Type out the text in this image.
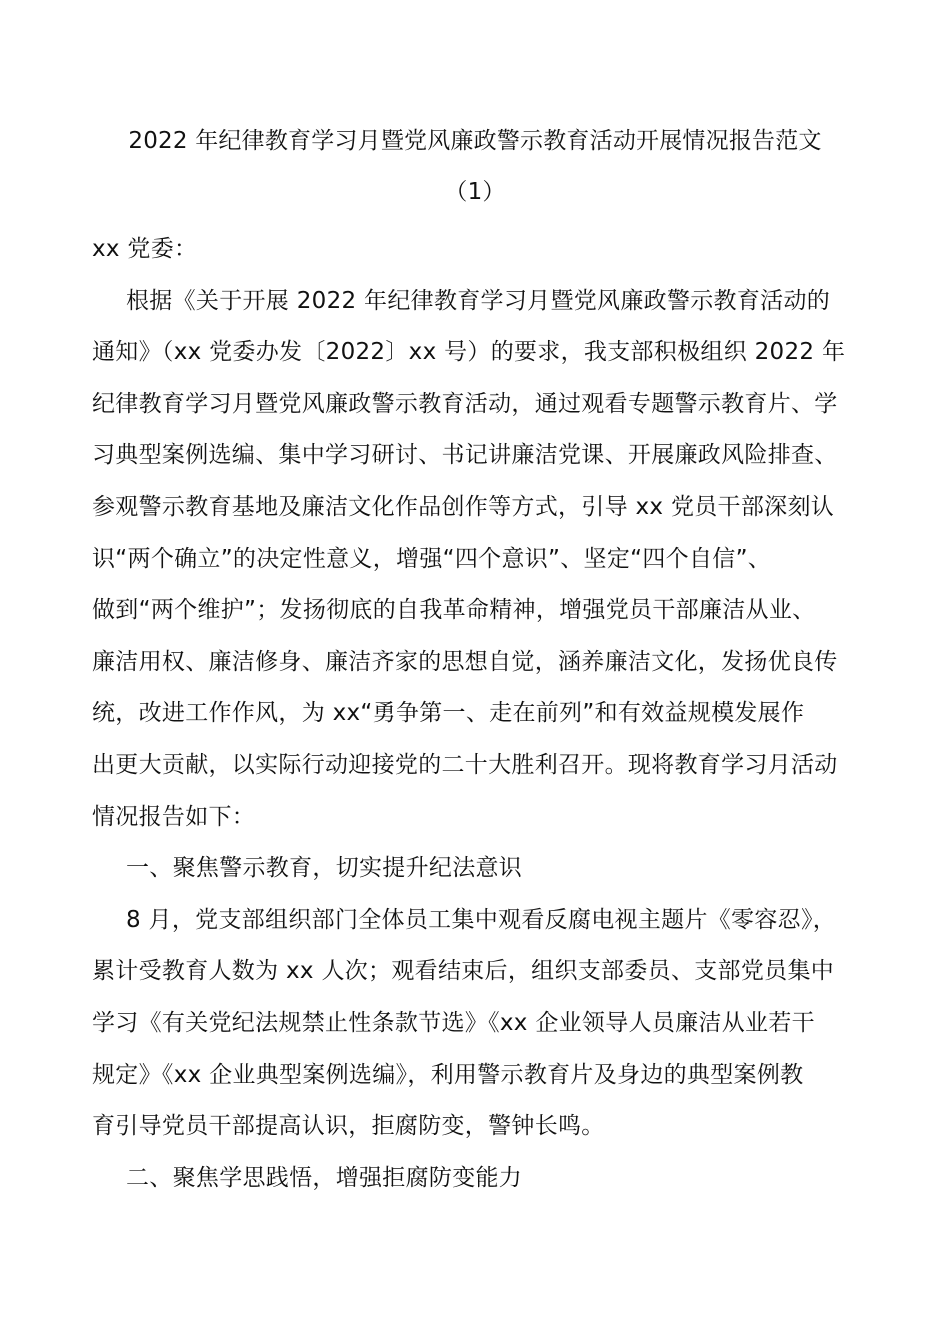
2022 年纪律教育学习月暨党风廉政警示教育活动开展情况报告范文
（1）
xx 党委：
根据《关于开展 2022 年纪律教育学习月暨党风廉政警示教育活动的
通知》（xx 党委办发〔2022〕xx 号）的要求，我支部积极组织 2022 年
纪律教育学习月暨党风廉政警示教育活动，通过观看专题警示教育片、学
习典型案例选编、集中学习研讨、书记讲廉洁党课、开展廉政风险排查、
参观警示教育基地及廉洁文化作品创作等方式，引导 xx 党员干部深刻认
识“两个确立”的决定性意义，增强“四个意识”、坚定“四个自信”、
做到“两个维护”；发扬彻底的自我革命精神，增强党员干部廉洁从业、
廉洁用权、廉洁修身、廉洁齐家的思想自觉，涵养廉洁文化，发扬优良传
统，改进工作作风，为 xx“勇争第一、走在前列”和有效益规模发展作
出更大贡献，以实际行动迎接党的二十大胜利召开。现将教育学习月活动
情况报告如下：
一、聚焦警示教育，切实提升纪法意识
8 月，党支部组织部门全体员工集中观看反腐电视主题片《零容忍》，
累计受教育人数为 xx 人次；观看结束后，组织支部委员、支部党员集中
学习《有关党纪法规禁止性条款节选》《xx 企业领导人员廉洁从业若干
规定》《xx 企业典型案例选编》，利用警示教育片及身边的典型案例教
育引导党员干部提高认识，拒腐防变，警钟长鸣。
二、聚焦学思践悟，增强拒腐防变能力
